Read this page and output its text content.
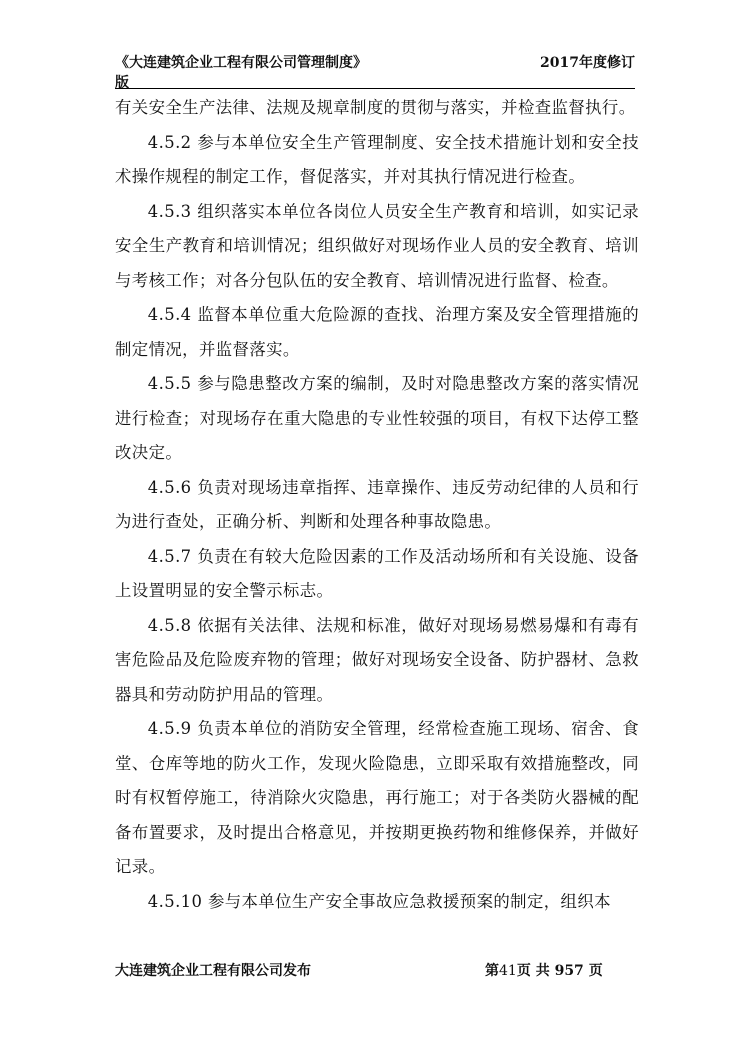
《大连建筑企业工程有限公司管理制度》	2017年度修订
版

有关安全生产法律、法规及规章制度的贯彻与落实，并检查监督执行。

4.5.2 参与本单位安全生产管理制度、安全技术措施计划和安全技术操作规程的制定工作，督促落实，并对其执行情况进行检查。

4.5.3 组织落实本单位各岗位人员安全生产教育和培训，如实记录安全生产教育和培训情况；组织做好对现场作业人员的安全教育、培训与考核工作；对各分包队伍的安全教育、培训情况进行监督、检查。

4.5.4 监督本单位重大危险源的查找、治理方案及安全管理措施的制定情况，并监督落实。

4.5.5 参与隐患整改方案的编制，及时对隐患整改方案的落实情况进行检查；对现场存在重大隐患的专业性较强的项目，有权下达停工整改决定。

4.5.6 负责对现场违章指挥、违章操作、违反劳动纪律的人员和行为进行查处，正确分析、判断和处理各种事故隐患。

4.5.7 负责在有较大危险因素的工作及活动场所和有关设施、设备上设置明显的安全警示标志。

4.5.8 依据有关法律、法规和标准，做好对现场易燃易爆和有毒有害危险品及危险废弃物的管理；做好对现场安全设备、防护器材、急救器具和劳动防护用品的管理。

4.5.9 负责本单位的消防安全管理，经常检查施工现场、宿舍、食堂、仓库等地的防火工作，发现火险隐患，立即采取有效措施整改，同时有权暂停施工，待消除火灾隐患，再行施工；对于各类防火器械的配备布置要求，及时提出合格意见，并按期更换药物和维修保养，并做好记录。

4.5.10 参与本单位生产安全事故应急救援预案的制定，组织本

大连建筑企业工程有限公司发布	第41页 共 957 页
